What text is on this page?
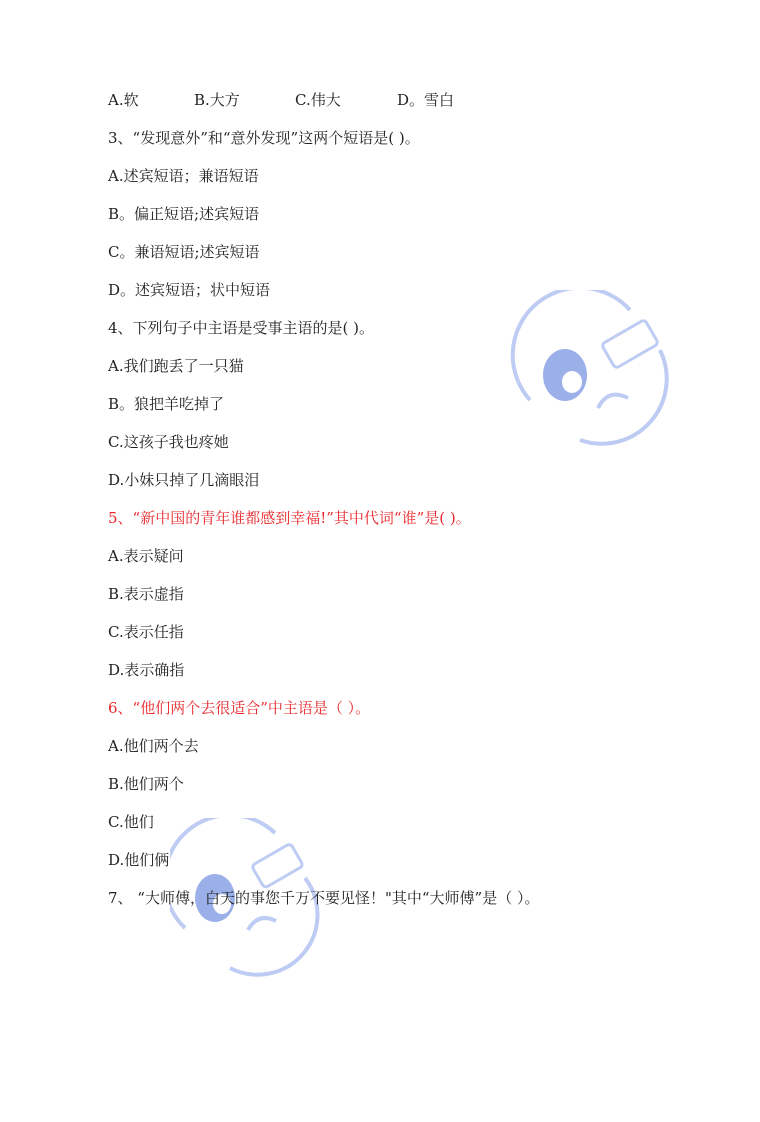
A.软	B.大方	C.伟大	D。雪白
3、“发现意外”和“意外发现”这两个短语是( )。
A.述宾短语；兼语短语
B。偏正短语;述宾短语
C。兼语短语;述宾短语
D。述宾短语；状中短语
4、下列句子中主语是受事主语的是( )。
A.我们跑丢了一只猫
B。狼把羊吃掉了
C.这孩子我也疼她
D.小妹只掉了几滴眼泪
5、“新中国的青年谁都感到幸福!”其中代词“谁”是( )。
A.表示疑问
B.表示虚指
C.表示任指
D.表示确指
6、“他们两个去很适合”中主语是（ ）。
A.他们两个去
B.他们两个
C.他们
D.他们俩
7、 “大师傅，白天的事您千万不要见怪！"其中“大师傅”是（ ）。
